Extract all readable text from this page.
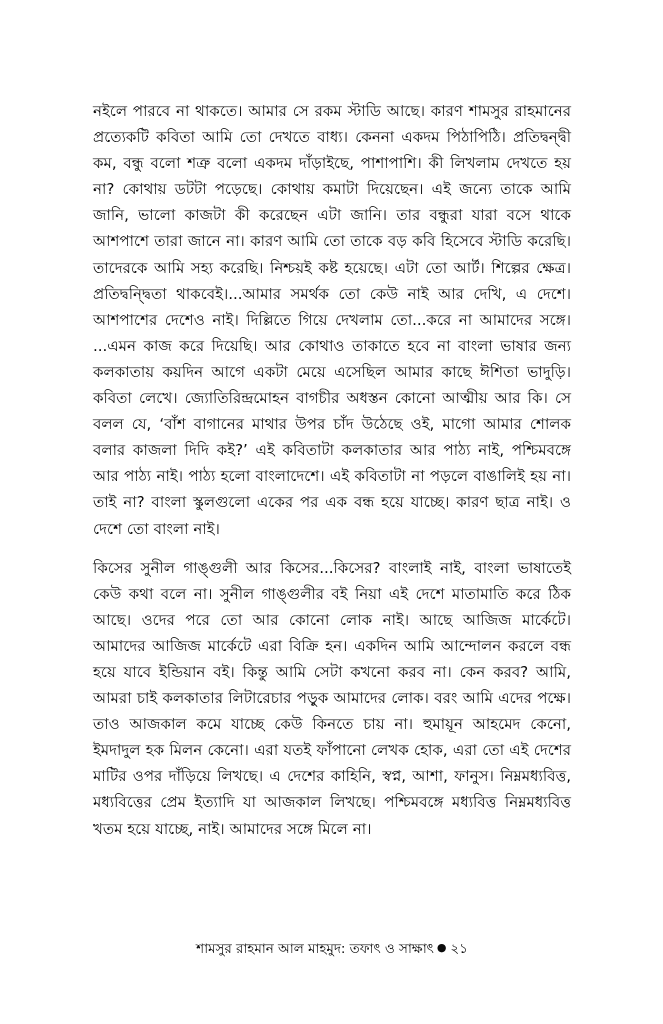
নইলে পারবে না থাকতে। আমার সে রকম স্টাডি আছে। কারণ শামসুর রাহমানের প্রত্যেকটি কবিতা আমি তো দেখতে বাধ্য। কেননা একদম পিঠাপিঠি। প্রতিদ্বন্দ্বী কম, বন্ধু বলো শত্রু বলো একদম দাঁড়াইছে, পাশাপাশি। কী লিখলাম দেখতে হয় না? কোথায় ডটটা পড়েছে। কোথায় কমাটা দিয়েছেন। এই জন্যে তাকে আমি জানি, ভালো কাজটা কী করেছেন এটা জানি। তার বন্ধুরা যারা বসে থাকে আশপাশে তারা জানে না। কারণ আমি তো তাকে বড় কবি হিসেবে স্টাডি করেছি। তাদেরকে আমি সহ্য করেছি। নিশ্চয়ই কষ্ট হয়েছে। এটা তো আর্ট। শিল্পের ক্ষেত্র। প্রতিদ্বন্দ্বিতা থাকবেই।...আমার সমর্থক তো কেউ নাই আর দেখি, এ দেশে। আশপাশের দেশেও নাই। দিল্লিতে গিয়ে দেখলাম তো...করে না আমাদের সঙ্গে। ...এমন কাজ করে দিয়েছি। আর কোথাও তাকাতে হবে না বাংলা ভাষার জন্য কলকাতায় কয়দিন আগে একটা মেয়ে এসেছিল আমার কাছে ঈশিতা ভাদুড়ি। কবিতা লেখে। জ্যোতিরিন্দ্রমোহন বাগচীর অধস্তন কোনো আত্মীয় আর কি। সে বলল যে, ‘বাঁশ বাগানের মাথার উপর চাঁদ উঠেছে ওই, মাগো আমার শোলক বলার কাজলা দিদি কই?’ এই কবিতাটা কলকাতার আর পাঠ্য নাই, পশ্চিমবঙ্গে আর পাঠ্য নাই। পাঠ্য হলো বাংলাদেশে। এই কবিতাটা না পড়লে বাঙালিই হয় না। তাই না? বাংলা স্কুলগুলো একের পর এক বন্ধ হয়ে যাচ্ছে। কারণ ছাত্র নাই। ও দেশে তো বাংলা নাই।

কিসের সুনীল গাঙ্গুলী আর কিসের...কিসের? বাংলাই নাই, বাংলা ভাষাতেই কেউ কথা বলে না। সুনীল গাঙ্গুলীর বই নিয়া এই দেশে মাতামাতি করে ঠিক আছে। ওদের পরে তো আর কোনো লোক নাই। আছে আজিজ মার্কেটে। আমাদের আজিজ মার্কেটে এরা বিক্রি হন। একদিন আমি আন্দোলন করলে বন্ধ হয়ে যাবে ইন্ডিয়ান বই। কিন্তু আমি সেটা কখনো করব না। কেন করব? আমি, আমরা চাই কলকাতার লিটারেচার পড়ুক আমাদের লোক। বরং আমি এদের পক্ষে। তাও আজকাল কমে যাচ্ছে কেউ কিনতে চায় না। হুমায়ূন আহমেদ কেনো, ইমদাদুল হক মিলন কেনো। এরা যতই ফাঁপানো লেখক হোক, এরা তো এই দেশের মাটির ওপর দাঁড়িয়ে লিখছে। এ দেশের কাহিনি, স্বপ্ন, আশা, ফানুস। নিম্নমধ্যবিত্ত, মধ্যবিত্তের প্রেম ইত্যাদি যা আজকাল লিখছে। পশ্চিমবঙ্গে মধ্যবিত্ত নিম্নমধ্যবিত্ত খতম হয়ে যাচ্ছে, নাই। আমাদের সঙ্গে মিলে না।

শামসুর রাহমান আল মাহমুদ: তফাৎ ও সাক্ষাৎ ● ২১
